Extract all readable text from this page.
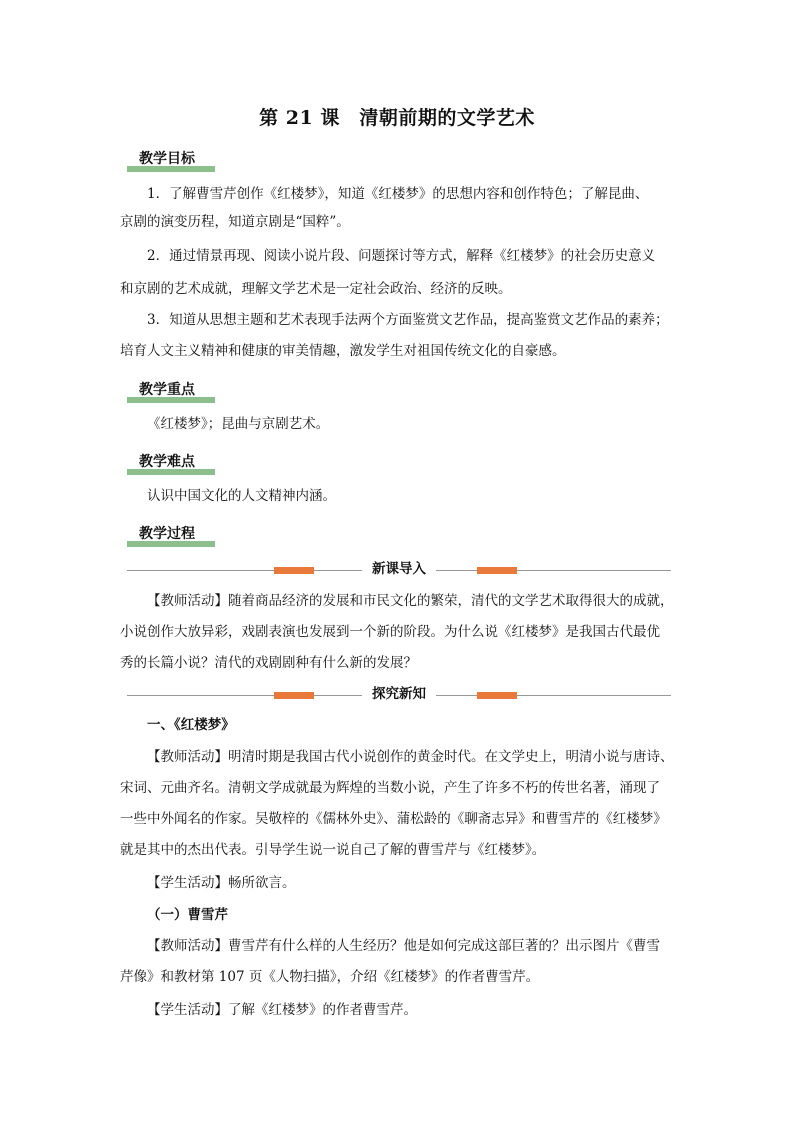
第 21 课　清朝前期的文学艺术
教学目标

1．了解曹雪芹创作《红楼梦》，知道《红楼梦》的思想内容和创作特色；了解昆曲、

京剧的演变历程，知道京剧是“国粹”。

2．通过情景再现、阅读小说片段、问题探讨等方式，解释《红楼梦》的社会历史意义

和京剧的艺术成就，理解文学艺术是一定社会政治、经济的反映。

3．知道从思想主题和艺术表现手法两个方面鉴赏文艺作品，提高鉴赏文艺作品的素养；

培育人文主义精神和健康的审美情趣，激发学生对祖国传统文化的自豪感。

教学重点

《红楼梦》；昆曲与京剧艺术。

教学难点

认识中国文化的人文精神内涵。

教学过程
新课导入

【教师活动】随着商品经济的发展和市民文化的繁荣，清代的文学艺术取得很大的成就，

小说创作大放异彩，戏剧表演也发展到一个新的阶段。为什么说《红楼梦》是我国古代最优

秀的长篇小说？清代的戏剧剧种有什么新的发展？

探究新知

一、《红楼梦》

【教师活动】明清时期是我国古代小说创作的黄金时代。在文学史上，明清小说与唐诗、

宋词、元曲齐名。清朝文学成就最为辉煌的当数小说，产生了许多不朽的传世名著，涌现了

一些中外闻名的作家。吴敬梓的《儒林外史》、蒲松龄的《聊斋志异》和曹雪芹的《红楼梦》

就是其中的杰出代表。引导学生说一说自己了解的曹雪芹与《红楼梦》。

【学生活动】畅所欲言。

（一）曹雪芹

【教师活动】曹雪芹有什么样的人生经历？他是如何完成这部巨著的？出示图片《曹雪

芹像》和教材第 107 页《人物扫描》，介绍《红楼梦》的作者曹雪芹。

【学生活动】了解《红楼梦》的作者曹雪芹。
